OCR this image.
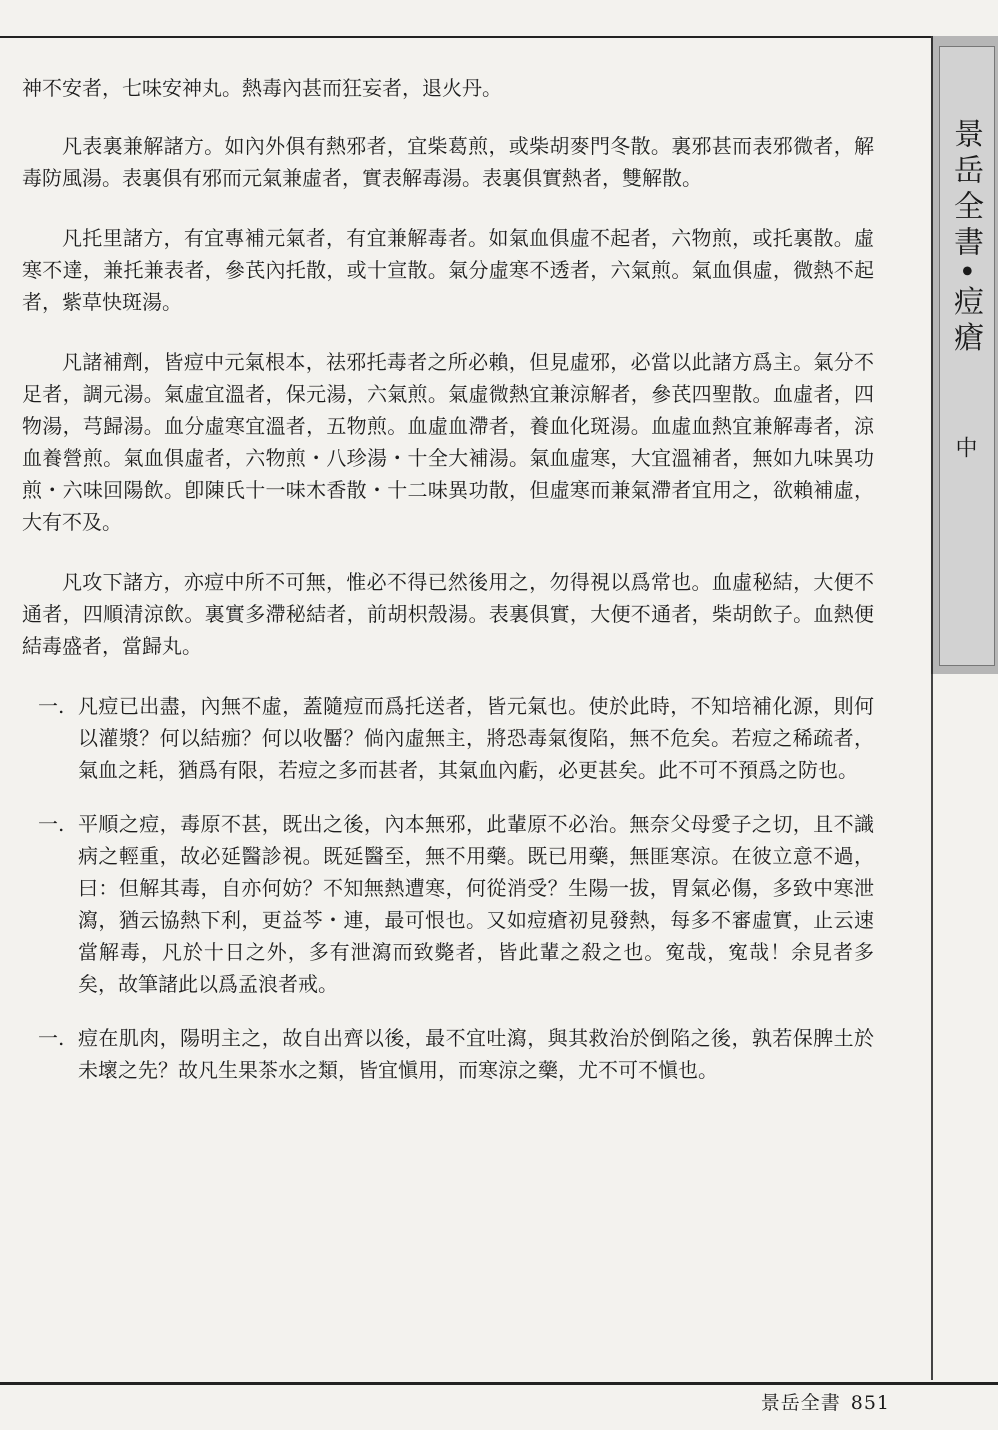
景岳全書•痘瘡
中

神不安者，七味安神丸。熱毒內甚而狂妄者，退火丹。

凡表裏兼解諸方。如內外俱有熱邪者，宜柴葛煎，或柴胡麥門冬散。裏邪甚而表邪微者，解毒防風湯。表裏俱有邪而元氣兼虛者，實表解毒湯。表裏俱實熱者，雙解散。

凡托里諸方，有宜專補元氣者，有宜兼解毒者。如氣血俱虛不起者，六物煎，或托裏散。虛寒不達，兼托兼表者，參芪內托散，或十宣散。氣分虛寒不透者，六氣煎。氣血俱虛，微熱不起者，紫草快斑湯。

凡諸補劑，皆痘中元氣根本，祛邪托毒者之所必賴，但見虛邪，必當以此諸方爲主。氣分不足者，調元湯。氣虛宜溫者，保元湯，六氣煎。氣虛微熱宜兼涼解者，參芪四聖散。血虛者，四物湯，芎歸湯。血分虛寒宜溫者，五物煎。血虛血滯者，養血化斑湯。血虛血熱宜兼解毒者，涼血養營煎。氣血俱虛者，六物煎・八珍湯・十全大補湯。氣血虛寒，大宜溫補者，無如九味異功煎・六味回陽飲。卽陳氏十一味木香散・十二味異功散，但虛寒而兼氣滯者宜用之，欲賴補虛，大有不及。

凡攻下諸方，亦痘中所不可無，惟必不得已然後用之，勿得視以爲常也。血虛秘結，大便不通者，四順清涼飲。裏實多滯秘結者，前胡枳殼湯。表裏俱實，大便不通者，柴胡飲子。血熱便結毒盛者，當歸丸。

一. 凡痘已出盡，內無不虛，蓋隨痘而爲托送者，皆元氣也。使於此時，不知培補化源，則何以灌漿？何以結痂？何以收靨？倘內虛無主，將恐毒氣復陷，無不危矣。若痘之稀疏者，氣血之耗，猶爲有限，若痘之多而甚者，其氣血內虧，必更甚矣。此不可不預爲之防也。
一. 平順之痘，毒原不甚，既出之後，內本無邪，此輩原不必治。無奈父母愛子之切，且不識病之輕重，故必延醫診視。既延醫至，無不用藥。既已用藥，無匪寒涼。在彼立意不過，曰：但解其毒，自亦何妨？不知無熱遭寒，何從消受？生陽一拔，胃氣必傷，多致中寒泄瀉，猶云協熱下利，更益芩・連，最可恨也。又如痘瘡初見發熱，每多不審虛實，止云速當解毒，凡於十日之外，多有泄瀉而致斃者，皆此輩之殺之也。寃哉，寃哉！余見者多矣，故筆諸此以爲孟浪者戒。
一. 痘在肌肉，陽明主之，故自出齊以後，最不宜吐瀉，與其救治於倒陷之後，孰若保脾土於未壞之先？故凡生果茶水之類，皆宜愼用，而寒涼之藥，尤不可不愼也。
景岳全書 851
